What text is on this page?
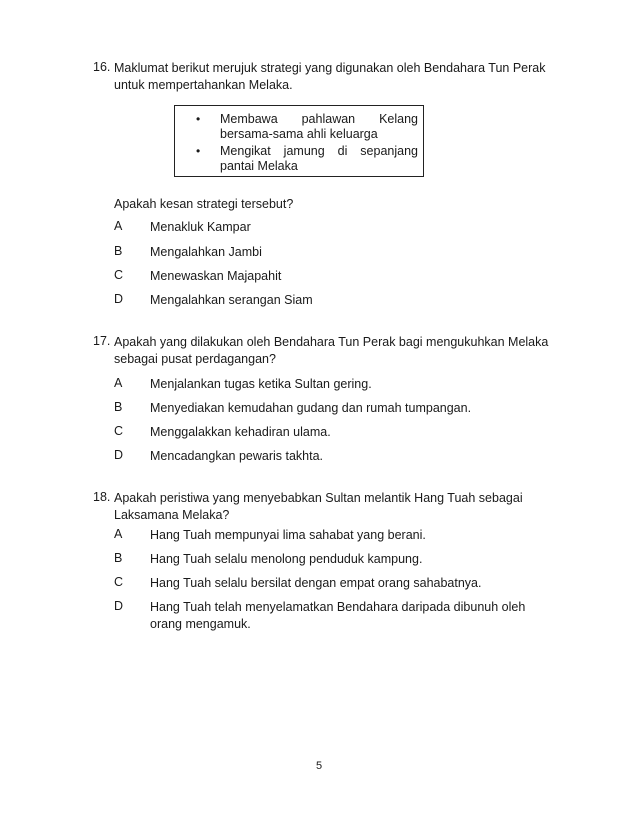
16. Maklumat berikut merujuk strategi yang digunakan oleh Bendahara Tun Perak untuk mempertahankan Melaka.
• Membawa pahlawan Kelang bersama-sama ahli keluarga
• Mengikat jamung di sepanjang pantai Melaka
Apakah kesan strategi tersebut?
A Menakluk Kampar
B Mengalahkan Jambi
C Menewaskan Majapahit
D Mengalahkan serangan Siam
17. Apakah yang dilakukan oleh Bendahara Tun Perak bagi mengukuhkan Melaka sebagai pusat perdagangan?
A Menjalankan tugas ketika Sultan gering.
B Menyediakan kemudahan gudang dan rumah tumpangan.
C Menggalakkan kehadiran ulama.
D Mencadangkan pewaris takhta.
18. Apakah peristiwa yang menyebabkan Sultan melantik Hang Tuah sebagai Laksamana Melaka?
A Hang Tuah mempunyai lima sahabat yang berani.
B Hang Tuah selalu menolong penduduk kampung.
C Hang Tuah selalu bersilat dengan empat orang sahabatnya.
D Hang Tuah telah menyelamatkan Bendahara daripada dibunuh oleh orang mengamuk.
5
